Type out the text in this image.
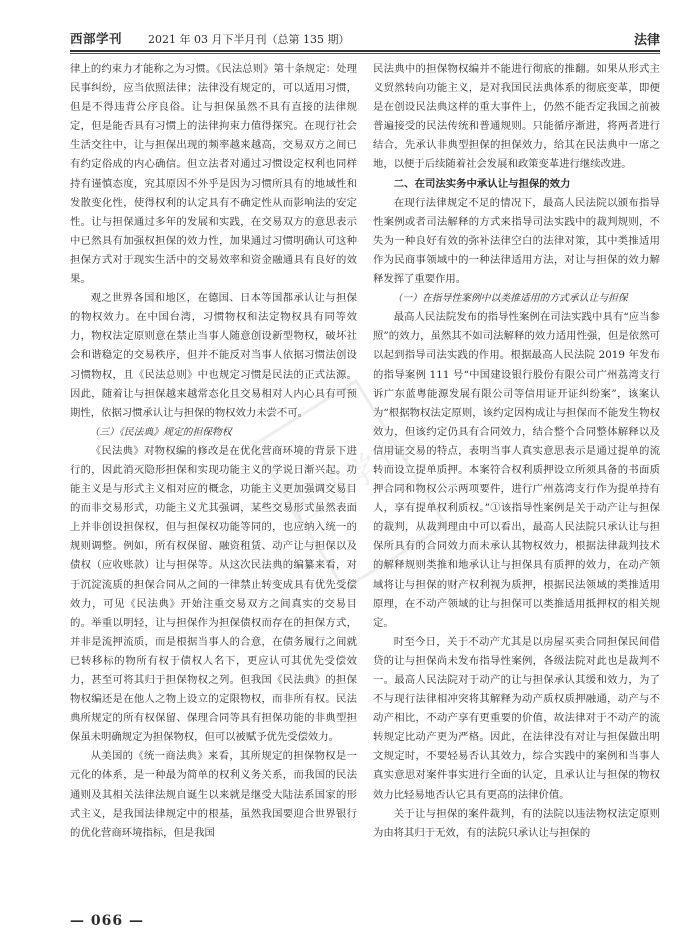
西部学刊 2021 年 03 月下半月刊（总第 135 期）	法律

律上的约束力才能称之为习惯。《民法总则》第十条规定：处理民事纠纷，应当依照法律；法律没有规定的，可以适用习惯，但是不得违背公序良俗。让与担保虽然不具有直接的法律规定，但是能否具有习惯上的法律拘束力值得探究。在现行社会生活交往中，让与担保出现的频率越来越高，交易双方之间已有约定俗成的内心确信。但立法者对通过习惯设定权利也同样持有谨慎态度，究其原因不外乎是因为习惯所具有的地域性和发散变化性，使得权利的认定具有不确定性从而影响法的安定性。让与担保通过多年的发展和实践，在交易双方的意思表示中已然具有加强权担保的效力性，加果通过习惯明确认可这种担保方式对于现实生活中的交易效率和资金融通具有良好的效果。

观之世界各国和地区，在德国、日本等国都承认让与担保的物权效力。在中国台湾，习惯物权和法定物权具有同等效力，物权法定原则意在禁止当事人随意创设新型物权，破坏社会和谐稳定的交易秩序，但并不能反对当事人依据习惯法创设习惯物权，且《民法总则》中也规定习惯是民法的正式法源。因此，随着让与担保越来越常态化且交易相对人内心具有可预期性，依据习惯承认让与担保的物权效力未尝不可。

（三）《民法典》规定的担保物权

《民法典》对物权编的修改是在优化营商环境的背景下进行的，因此消灭隐形担保和实现功能主义的学说日渐兴起。功能主义是与形式主义相对应的概念，功能主义更加强调交易目的而非交易形式，功能主义尤其强调，某些交易形式虽然表面上并非创设担保权，但与担保权功能等同的，也应纳入统一的规则调整。例如，所有权保留、融资租赁、动产让与担保以及债权（应收账款）让与担保等。从这次民法典的编纂来看，对于沉淀流质的担保合同从之间的一律禁止转变成具有优先受偿效力，可见《民法典》开始注重交易双方之间真实的交易目的。举重以明轻，让与担保作为担保债权而存在的担保方式，并非是流押流质，而是根据当事人的合意，在债务履行之间就已转移标的物所有权于债权人名下，更应认可其优先受偿效力，甚至可将其归于担保物权之列。但我国《民法典》的担保物权编还是在他人之物上设立的定限物权，而非所有权。民法典所规定的所有权保留、保理合同等具有担保功能的非典型担保虽未明确规定为担保物权，但可以被赋予优先受偿效力。

从美国的《统一商法典》来看，其所规定的担保物权是一元化的体系，是一种最为简单的权利义务关系，而我国的民法通则及其相关法律法规自诞生以来就是继受大陆法系国家的形式主义，是我国法律规定中的根基，虽然我国要迎合世界银行的优化营商环境指标，但是我国

民法典中的担保物权编并不能进行彻底的推翻。如果从形式主义贸然转向功能主义，是对我国民法典体系的彻底变革，即便是在创设民法典这样的重大事件上，仍然不能否定我国之前被普遍接受的民法传统和普通规则。只能循序渐进，将两者进行结合，先承认非典型担保的担保效力，给其在民法典中一席之地，以便于后续随着社会发展和政策变革进行继续改进。

二、在司法实务中承认让与担保的效力

在现行法律规定不足的情况下，最高人民法院以颁布指导性案例或者司法解释的方式来指导司法实践中的裁判规则，不失为一种良好有效的弥补法律空白的法律对策，其中类推适用作为民商事领域中的一种法律适用方法，对让与担保的效力解释发挥了重要作用。

（一）在指导性案例中以类推适用的方式承认让与担保

最高人民法院发布的指导性案例在司法实践中具有“应当参照”的效力，虽然其不如司法解释的效力适用性强，但是依然可以起到指导司法实践的作用。根据最高人民法院 2019 年发布的指导案例 111 号“中国建设银行股份有限公司广州荔湾支行诉广东蓝粤能源发展有限公司等信用证开证纠纷案”，该案认为“根据物权法定原则，该约定因构成让与担保而不能发生物权效力，但该约定仍具有合同效力，结合整个合同整体解释以及信用证交易的特点，表明当事人真实意思表示是通过提单的流转而设立提单质押。本案符合权利质押设立所须具备的书面质押合同和物权公示两项要件，进行广州荔湾支行作为提单持有人，享有提单权利质权。”①该指导性案例是关于动产让与担保的裁判，从裁判理由中可以看出，最高人民法院只承认让与担保所具有的合同效力而未承认其物权效力，根据法律裁判技术的解释规则类推和地承认让与担保具有质押的效力，在动产领域将让与担保的财产权利视为质押，根据民法领域的类推适用原理，在不动产领域的让与担保可以类推适用抵押权的相关规定。

时至今日，关于不动产尤其是以房屋买卖合同担保民间借贷的让与担保尚未发布指导性案例，各级法院对此也是裁判不一。最高人民法院对于动产的让与担保承认其缓和效力，为了不与现行法律相冲突将其解释为动产质权质押融通，动产与不动产相比，不动产享有更重要的价值，故法律对于不动产的流转规定比动产更为严格。因此，在法律没有对让与担保做出明文规定时，不要轻易否认其效力，综合实践中的案例和当事人真实意思对案件事实进行全面的认定，且承认让与担保的物权效力比轻易地否认它具有更高的法律价值。

关于让与担保的案件裁判，有的法院以违法物权法定原则为由将其归于无效，有的法院只承认让与担保的

西部学刊
— 066 —
